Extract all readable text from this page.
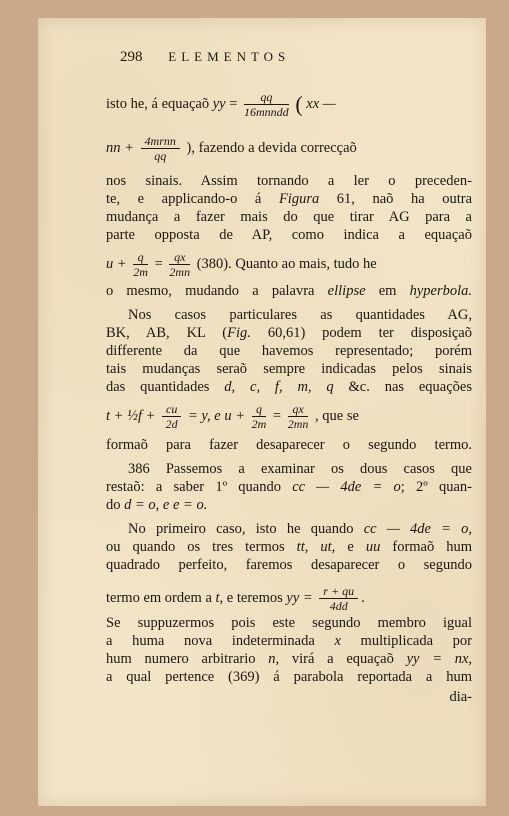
298 ELEMENTOS
isto he, á equaçaõ yy = $\frac{qq}{\text{16mnndd}}$ ( xx —
nn + $\frac{\text{4mrnn}}{qq}$ ), fazendo a devida correcçaõ
nos sinais. Assim tornando a ler o preceden-
te, e applicando-o á Figura 61, naõ ha outra
mudança a fazer mais do que tirar AG para a
parte opposta de AP, como indica a equaçaõ
$u + \frac{q}{2m} = \frac{qx}{2mn} (380)$. Quanto ao mais, tudo he
o mesmo, mudando a palavra ellipse em hyperbola.
Nos casos particulares as quantidades AG,
BK, AB, KL (Fig. 60,61) podem ter disposiçaõ
differente da que havemos representado; porém
tais mudanças seraõ sempre indicadas pelos sinais
das quantidades d, c, f, m, q &c. nas equações
t + ½f + $\frac{cu}{2d} = y$, e $u + \frac{q}{2m} = \frac{qx}{2mn}$ , que se
formaõ para fazer desaparecer o segundo termo.
386 Passemos a examinar os dous casos que
restaõ: a saber 1º quando cc — 4de = o; 2º quan-
do d = o, e e = o.
No primeiro caso, isto he quando cc — 4de = o,
ou quando os tres termos tt, ut, e uu formaõ hum
quadrado perfeito, faremos desaparecer o segundo
termo em ordem a t, e teremos yy = $\frac{r + qu}{4dd}$ .
Se suppuzermos pois este segundo membro igual
a huma nova indeterminada x multiplicada por
hum numero arbitrario n, virá a equaçaõ yy = nx,
a qual pertence (369) á parabola reportada a hum
dia-
